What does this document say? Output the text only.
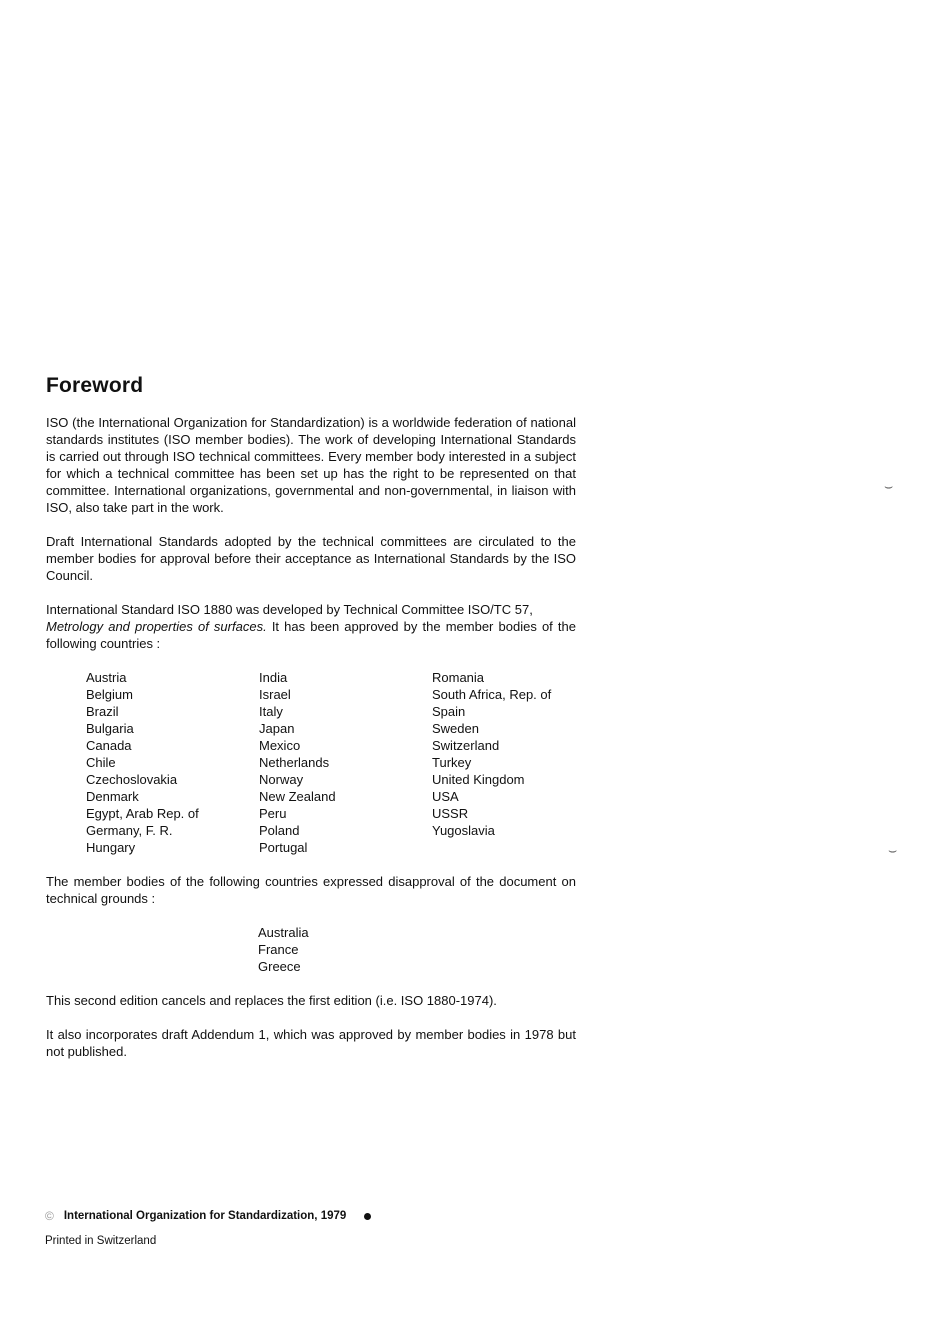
⌣
⌣
Foreword

ISO (the International Organization for Standardization) is a worldwide federation of national standards institutes (ISO member bodies). The work of developing International Standards is carried out through ISO technical committees. Every member body interested in a subject for which a technical committee has been set up has the right to be represented on that committee. International organizations, governmental and non-governmental, in liaison with ISO, also take part in the work.

Draft International Standards adopted by the technical committees are circulated to the member bodies for approval before their acceptance as International Standards by the ISO Council.

International Standard ISO 1880 was developed by Technical Committee ISO/TC 57,
Metrology and properties of surfaces. It has been approved by the member bodies of the following countries :

Austria
Belgium
Brazil
Bulgaria
Canada
Chile
Czechoslovakia
Denmark
Egypt, Arab Rep. of
Germany, F. R.
Hungary
India
Israel
Italy
Japan
Mexico
Netherlands
Norway
New Zealand
Peru
Poland
Portugal
Romania
South Africa, Rep. of
Spain
Sweden
Switzerland
Turkey
United Kingdom
USA
USSR
Yugoslavia

The member bodies of the following countries expressed disapproval of the document on technical grounds :

Australia
France
Greece

This second edition cancels and replaces the first edition (i.e. ISO 1880-1974).

It also incorporates draft Addendum 1, which was approved by member bodies in 1978 but not published.

© International Organization for Standardization, 1979
Printed in Switzerland
